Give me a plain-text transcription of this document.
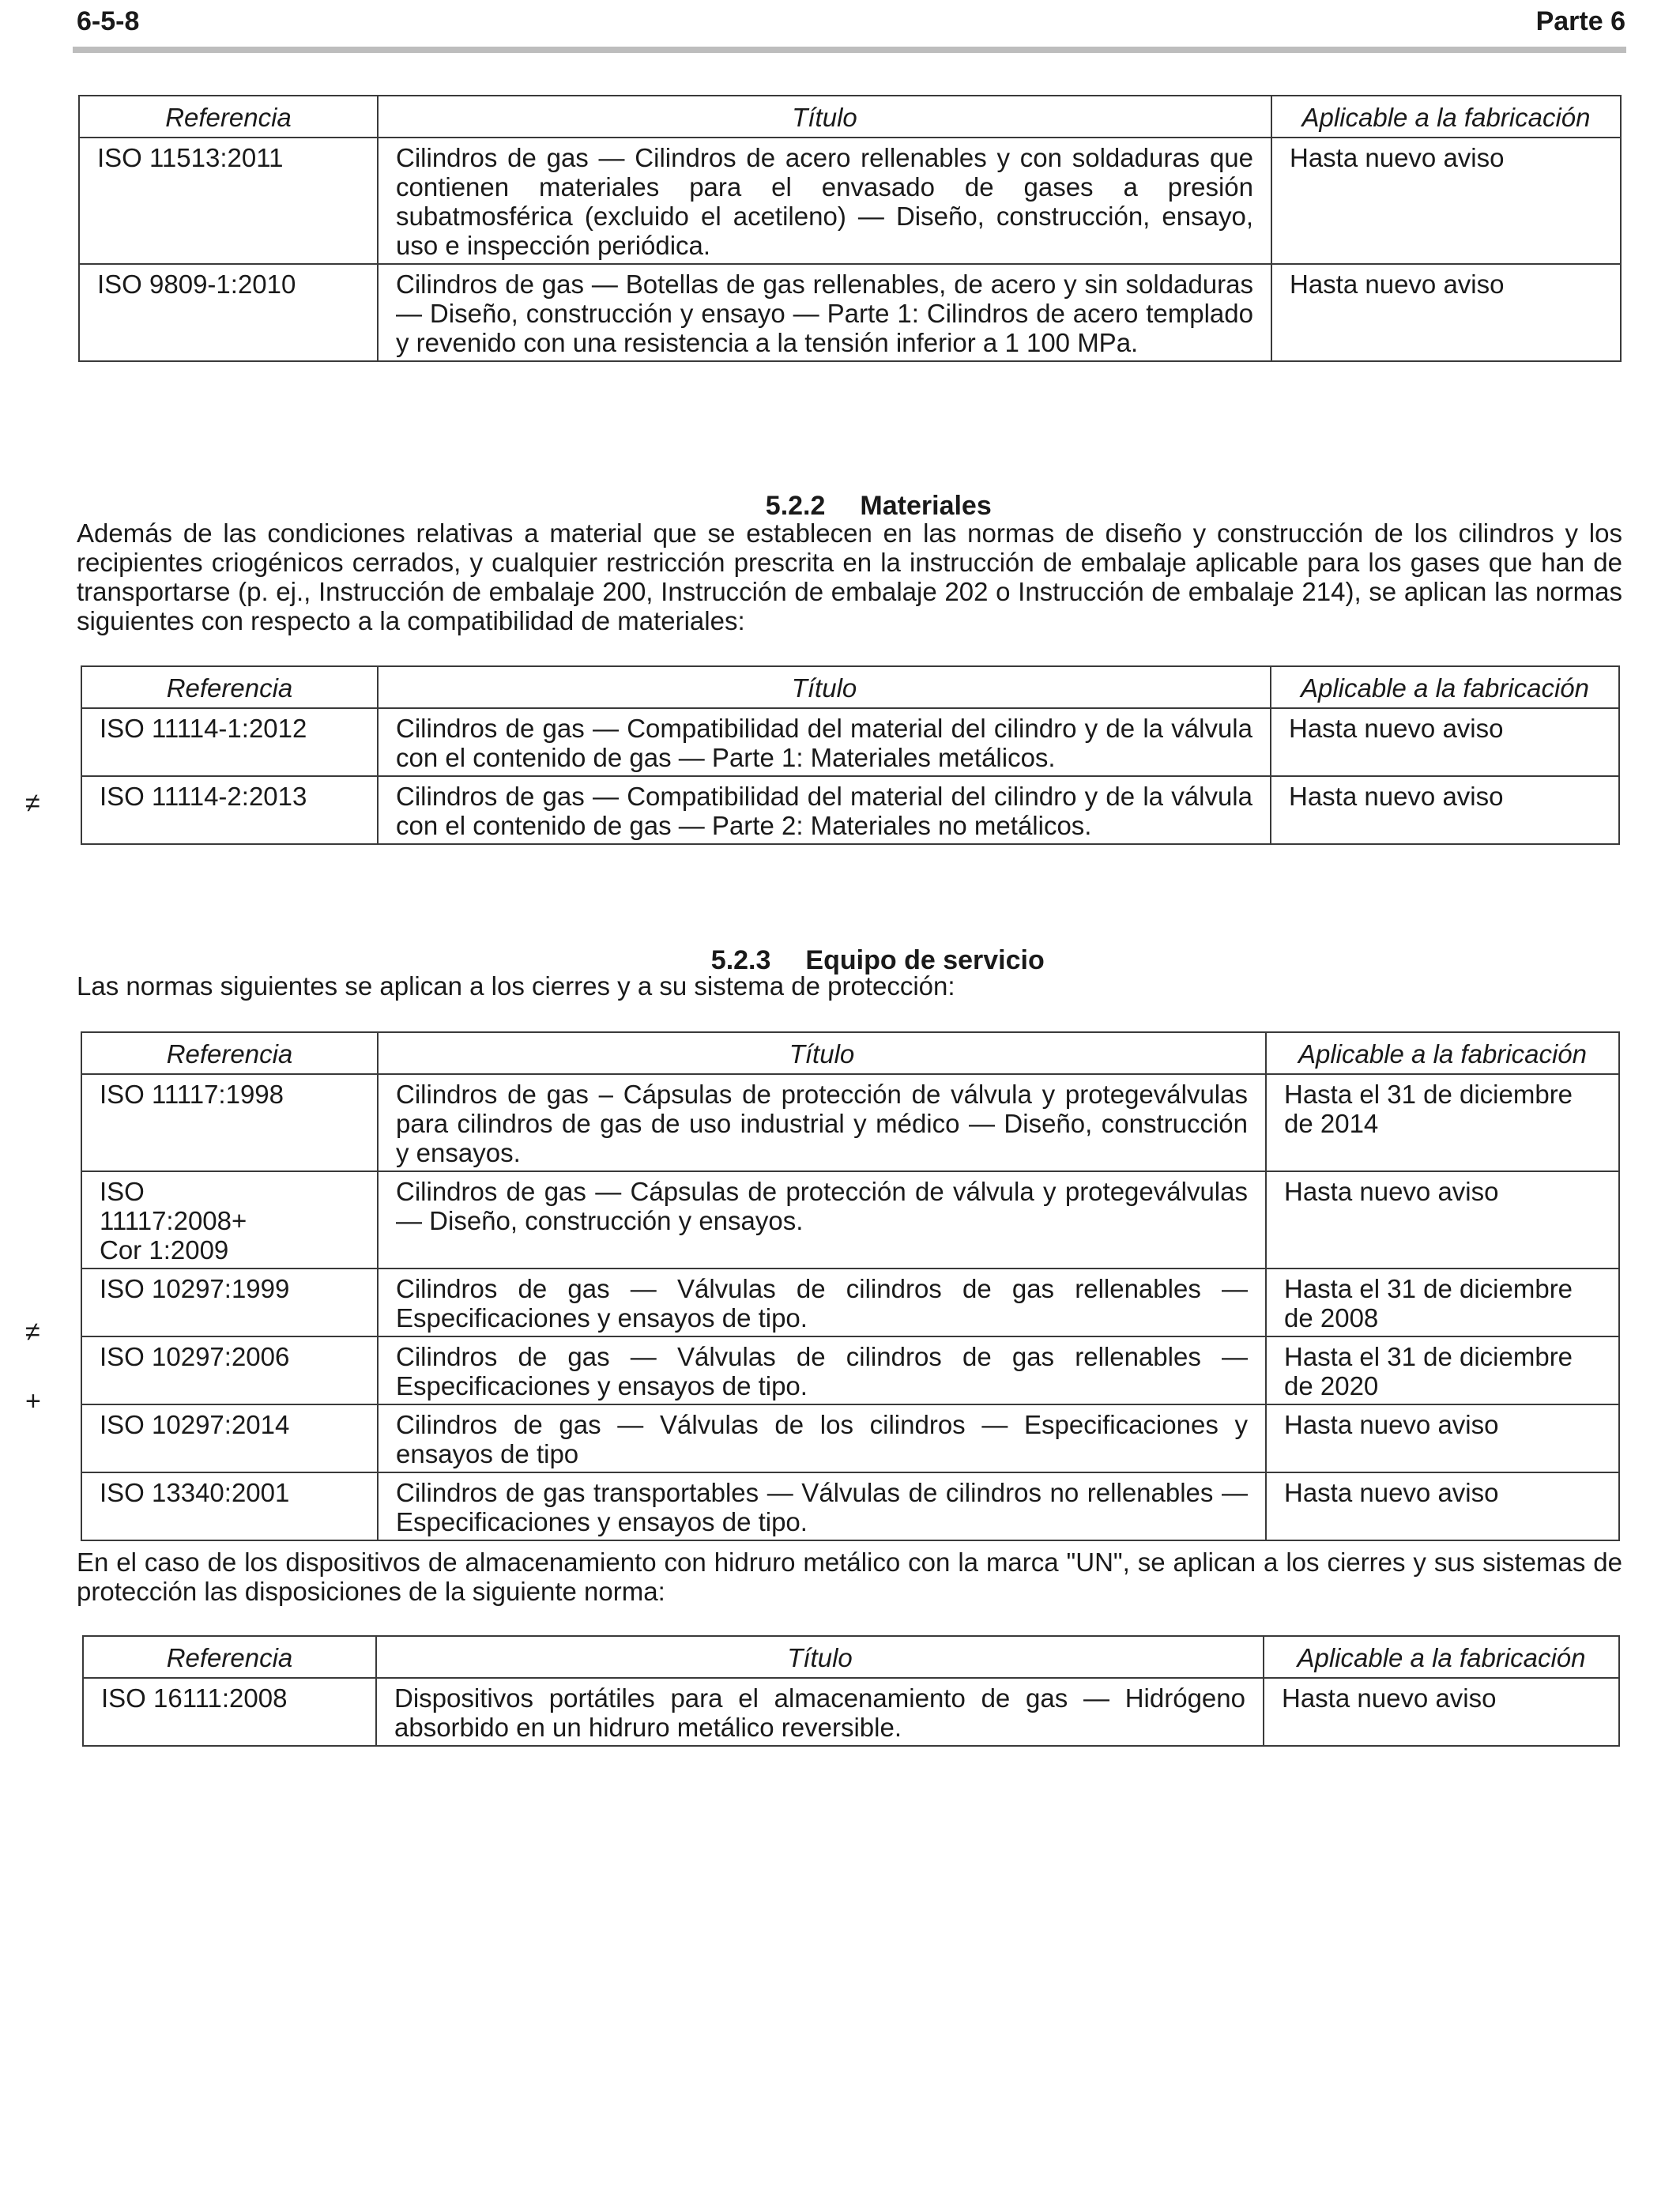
6-5-8	Parte 6
Referencia	Título	Aplicable a la fabricación
ISO 11513:2011	Cilindros de gas — Cilindros de acero rellenables y con soldaduras que contienen materiales para el envasado de gases a presión subatmosférica (excluido el acetileno) — Diseño, construcción, ensayo, uso e inspección periódica.	Hasta nuevo aviso
ISO 9809-1:2010	Cilindros de gas — Botellas de gas rellenables, de acero y sin soldaduras — Diseño, construcción y ensayo — Parte 1: Cilindros de acero templado y revenido con una resistencia a la tensión inferior a 1 100 MPa.	Hasta nuevo aviso

5.2.2 Materiales

Además de las condiciones relativas a material que se establecen en las normas de diseño y construcción de los cilindros y los recipientes criogénicos cerrados, y cualquier restricción prescrita en la instrucción de embalaje aplicable para los gases que han de transportarse (p. ej., Instrucción de embalaje 200, Instrucción de embalaje 202 o Instrucción de embalaje 214), se aplican las normas siguientes con respecto a la compatibilidad de materiales:
Referencia	Título	Aplicable a la fabricación
ISO 11114-1:2012	Cilindros de gas — Compatibilidad del material del cilindro y de la válvula con el contenido de gas — Parte 1: Materiales metálicos.	Hasta nuevo aviso
ISO 11114-2:2013	Cilindros de gas — Compatibilidad del material del cilindro y de la válvula con el contenido de gas — Parte 2: Materiales no metálicos.	Hasta nuevo aviso
≠

5.2.3 Equipo de servicio

Las normas siguientes se aplican a los cierres y a su sistema de protección:
Referencia	Título	Aplicable a la fabricación
ISO 11117:1998	Cilindros de gas – Cápsulas de protección de válvula y protegeválvulas para cilindros de gas de uso industrial y médico — Diseño, construcción y ensayos.	Hasta el 31 de diciembre de 2014
ISO 11117:2008+ Cor 1:2009	Cilindros de gas — Cápsulas de protección de válvula y protegeválvulas — Diseño, construcción y ensayos.	Hasta nuevo aviso
ISO 10297:1999	Cilindros de gas — Válvulas de cilindros de gas rellenables — Especificaciones y ensayos de tipo.	Hasta el 31 de diciembre de 2008
ISO 10297:2006	Cilindros de gas — Válvulas de cilindros de gas rellenables — Especificaciones y ensayos de tipo.	Hasta el 31 de diciembre de 2020
ISO 10297:2014	Cilindros de gas — Válvulas de los cilindros — Especificaciones y ensayos de tipo	Hasta nuevo aviso
ISO 13340:2001	Cilindros de gas transportables — Válvulas de cilindros no rellenables — Especificaciones y ensayos de tipo.	Hasta nuevo aviso
≠
+
En el caso de los dispositivos de almacenamiento con hidruro metálico con la marca "UN", se aplican a los cierres y sus sistemas de protección las disposiciones de la siguiente norma:
Referencia	Título	Aplicable a la fabricación
ISO 16111:2008	Dispositivos portátiles para el almacenamiento de gas — Hidrógeno absorbido en un hidruro metálico reversible.	Hasta nuevo aviso
